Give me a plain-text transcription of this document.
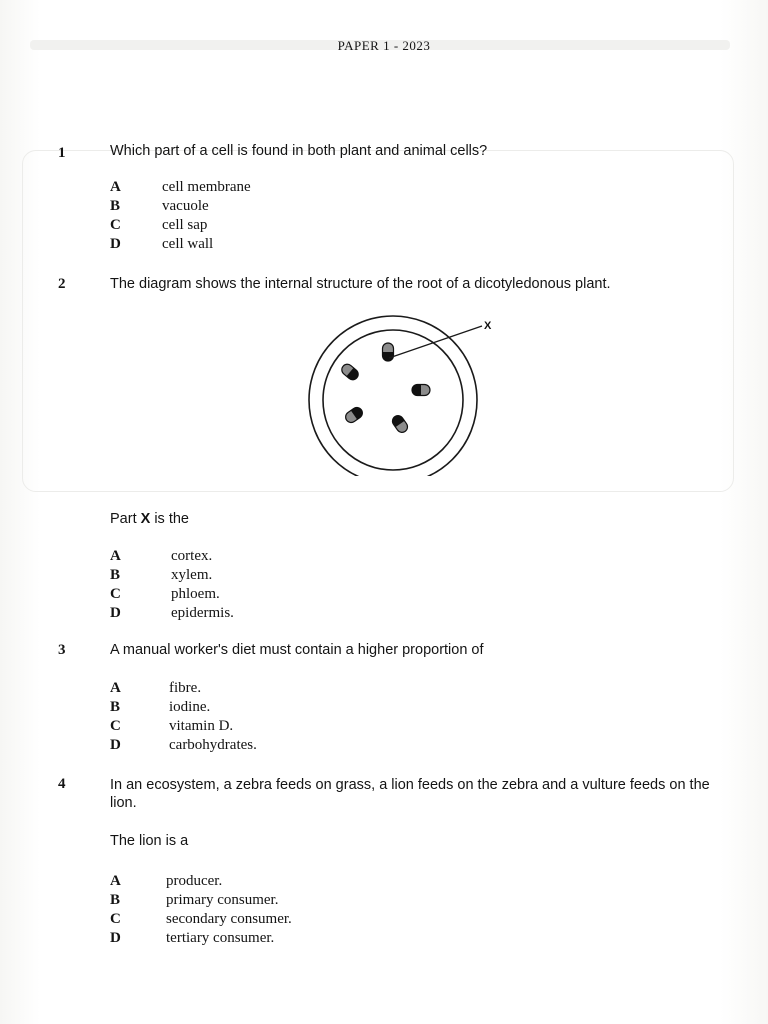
PAPER 1 - 2023
1	Which part of a cell is found in both plant and animal cells?
A	cell membrane
B	vacuole
C	cell sap
D	cell wall
2	The diagram shows the internal structure of the root of a dicotyledonous plant.
X
Part X is the
A	cortex.
B	xylem.
C	phloem.
D	epidermis.
3	A manual worker's diet must contain a higher proportion of
A	fibre.
B	iodine.
C	vitamin D.
D	carbohydrates.
4	In an ecosystem, a zebra feeds on grass, a lion feeds on the zebra and a vulture feeds on the lion.
The lion is a
A	producer.
B	primary consumer.
C	secondary consumer.
D	tertiary consumer.
